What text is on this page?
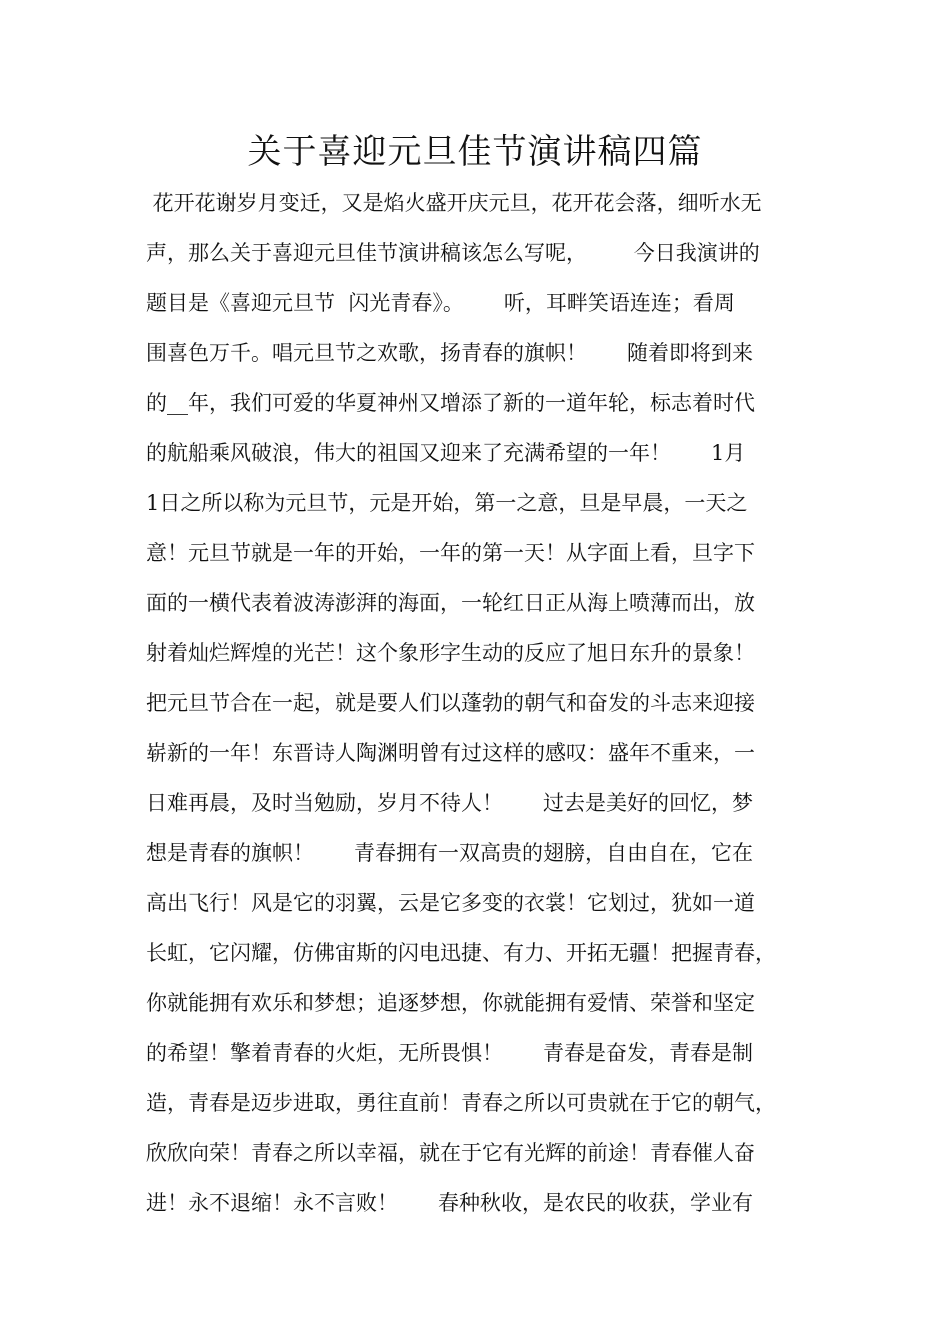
关于喜迎元旦佳节演讲稿四篇
花开花谢岁月变迁，又是焰火盛开庆元旦，花开花会落，细听水无
声，那么关于喜迎元旦佳节演讲稿该怎么写呢，       今日我演讲的
题目是《喜迎元旦节  闪光青春》。      听，耳畔笑语连连；看周
围喜色万千。唱元旦节之欢歌，扬青春的旗帜！      随着即将到来
的__年，我们可爱的华夏神州又增添了新的一道年轮，标志着时代
的航船乘风破浪，伟大的祖国又迎来了充满希望的一年！      1月
1日之所以称为元旦节，元是开始，第一之意，旦是早晨，一天之
意！元旦节就是一年的开始，一年的第一天！从字面上看，旦字下
面的一横代表着波涛澎湃的海面，一轮红日正从海上喷薄而出，放
射着灿烂辉煌的光芒！这个象形字生动的反应了旭日东升的景象！
把元旦节合在一起，就是要人们以蓬勃的朝气和奋发的斗志来迎接
崭新的一年！东晋诗人陶渊明曾有过这样的感叹：盛年不重来，一
日难再晨，及时当勉励，岁月不待人！      过去是美好的回忆，梦
想是青春的旗帜！      青春拥有一双高贵的翅膀，自由自在，它在
高出飞行！风是它的羽翼，云是它多变的衣裳！它划过，犹如一道
长虹，它闪耀，仿佛宙斯的闪电迅捷、有力、开拓无疆！把握青春，
你就能拥有欢乐和梦想；追逐梦想，你就能拥有爱情、荣誉和坚定
的希望！擎着青春的火炬，无所畏惧！      青春是奋发，青春是制
造，青春是迈步进取，勇往直前！青春之所以可贵就在于它的朝气，
欣欣向荣！青春之所以幸福，就在于它有光辉的前途！青春催人奋
进！永不退缩！永不言败！      春种秋收，是农民的收获，学业有
